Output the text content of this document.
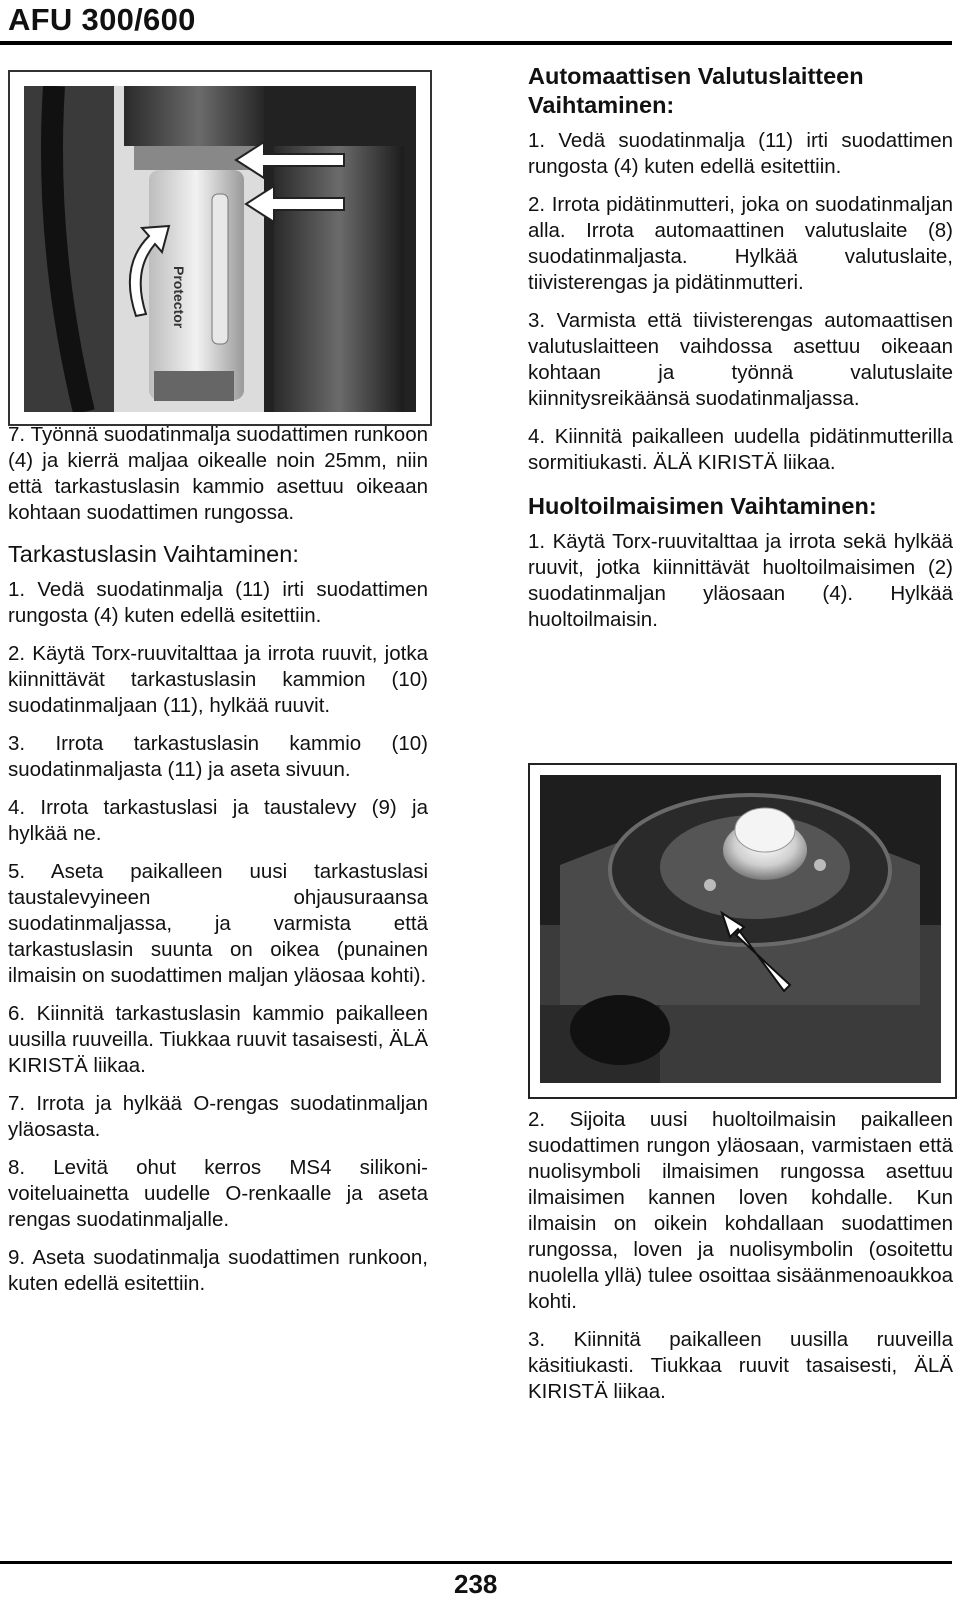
AFU 300/600
Protector

7. Työnnä suodatinmalja suodattimen runkoon (4) ja kierrä maljaa oikealle noin 25mm, niin että tarkastuslasin kammio asettuu oikeaan kohtaan suodattimen rungossa.

Tarkastuslasin Vaihtaminen:

1. Vedä suodatinmalja (11) irti suodattimen rungosta (4) kuten edellä esitettiin.

2. Käytä Torx-ruuvitalttaa ja irrota ruuvit, jotka kiinnittävät tarkastuslasin kammion (10) suodatinmaljaan (11), hylkää ruuvit.

3. Irrota tarkastuslasin kammio (10) suodatinmaljasta (11) ja aseta sivuun.

4. Irrota tarkastuslasi ja taustalevy (9) ja hylkää ne.

5. Aseta paikalleen uusi tarkastuslasi taustalevyineen ohjausuraansa suodatinmaljassa, ja varmista että tarkastuslasin suunta on oikea (punainen ilmaisin on suodattimen maljan yläosaa kohti).

6. Kiinnitä tarkastuslasin kammio paikalleen uusilla ruuveilla. Tiukkaa ruuvit tasaisesti, ÄLÄ KIRISTÄ liikaa.

7. Irrota ja hylkää O-rengas suodatinmaljan yläosasta.

8. Levitä ohut kerros MS4 silikoni-voiteluainetta uudelle O-renkaalle ja aseta rengas suodatinmaljalle.

9. Aseta suodatinmalja suodattimen runkoon, kuten edellä esitettiin.

Automaattisen Valutuslaitteen Vaihtaminen:

1. Vedä suodatinmalja (11) irti suodattimen rungosta (4) kuten edellä esitettiin.

2. Irrota pidätinmutteri, joka on suodatinmaljan alla. Irrota automaattinen valutuslaite (8) suodatinmaljasta. Hylkää valutuslaite, tiivisterengas ja pidätinmutteri.

3. Varmista että tiivisterengas automaattisen valutuslaitteen vaihdossa asettuu oikeaan kohtaan ja työnnä valutuslaite kiinnitysreikäänsä suodatinmaljassa.

4. Kiinnitä paikalleen uudella pidätinmutterilla sormitiukasti. ÄLÄ KIRISTÄ liikaa.

Huoltoilmaisimen Vaihtaminen:

1. Käytä Torx-ruuvitalttaa ja irrota sekä hylkää ruuvit, jotka kiinnittävät huoltoilmaisimen (2) suodatinmaljan yläosaan (4). Hylkää huoltoilmaisin.

2. Sijoita uusi huoltoilmaisin paikalleen suodattimen rungon yläosaan, varmistaen että nuolisymboli ilmaisimen rungossa asettuu ilmaisimen kannen loven kohdalle. Kun ilmaisin on oikein kohdallaan suodattimen rungossa, loven ja nuolisymbolin (osoitettu nuolella yllä) tulee osoittaa sisäänmenoaukkoa kohti.

3. Kiinnitä paikalleen uusilla ruuveilla käsitiukasti. Tiukkaa ruuvit tasaisesti, ÄLÄ KIRISTÄ liikaa.

238
